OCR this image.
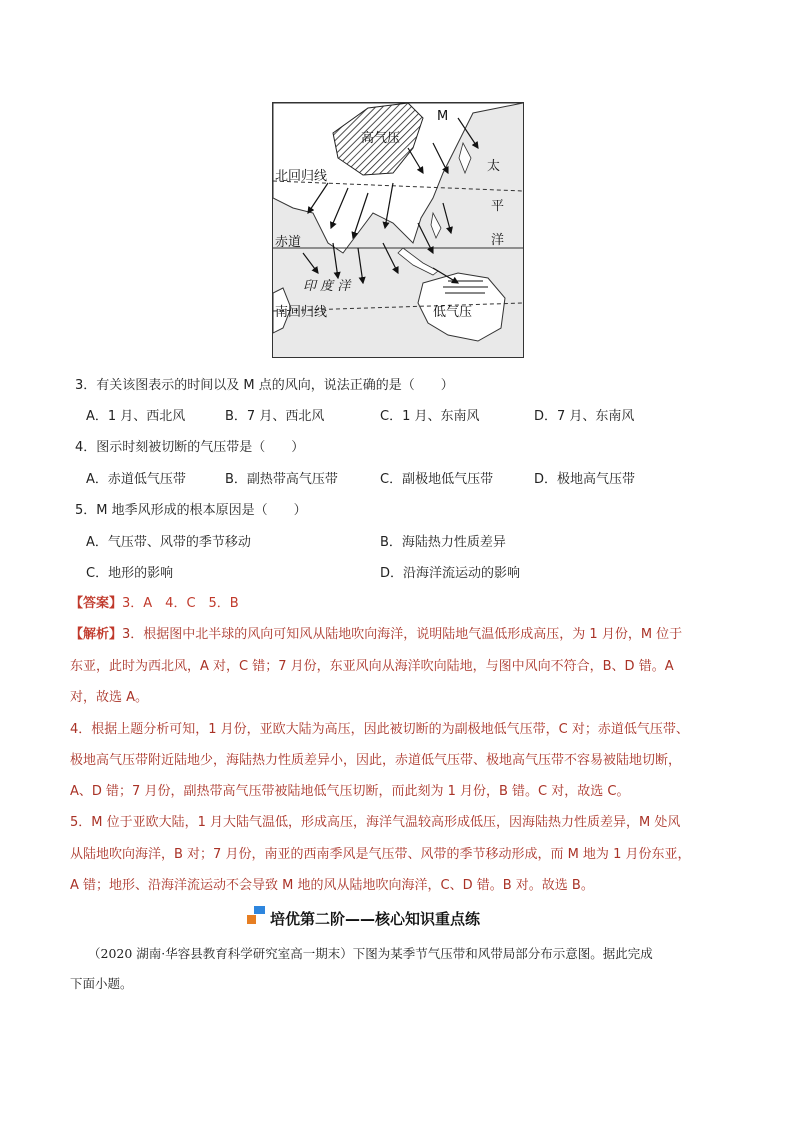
高气压
M
北回归线
赤道
印 度 洋
南回归线	低气压
太
平
洋
3．有关该图表示的时间以及 M 点的风向，说法正确的是（　　）
A．1 月、西北风	B．7 月、西北风	C．1 月、东南风	D．7 月、东南风
4．图示时刻被切断的气压带是（　　）
A．赤道低气压带	B．副热带高气压带	C．副极地低气压带	D．极地高气压带
5．M 地季风形成的根本原因是（　　）
A．气压带、风带的季节移动	B．海陆热力性质差异
C．地形的影响	D．沿海洋流运动的影响
【答案】3．A　4．C　5．B
【解析】3．根据图中北半球的风向可知风从陆地吹向海洋，说明陆地气温低形成高压，为 1 月份，M 位于
东亚，此时为西北风，A 对，C 错；7 月份，东亚风向从海洋吹向陆地，与图中风向不符合，B、D 错。A
对，故选 A。
4．根据上题分析可知，1 月份，亚欧大陆为高压，因此被切断的为副极地低气压带，C 对；赤道低气压带、
极地高气压带附近陆地少，海陆热力性质差异小，因此，赤道低气压带、极地高气压带不容易被陆地切断，
A、D 错；7 月份，副热带高气压带被陆地低气压切断，而此刻为 1 月份，B 错。C 对，故选 C。
5．M 位于亚欧大陆，1 月大陆气温低，形成高压，海洋气温较高形成低压，因海陆热力性质差异，M 处风
从陆地吹向海洋，B 对；7 月份，南亚的西南季风是气压带、风带的季节移动形成，而 M 地为 1 月份东亚，
A 错；地形、沿海洋流运动不会导致 M 地的风从陆地吹向海洋，C、D 错。B 对。故选 B。
培优第二阶——核心知识重点练
（2020 湖南·华容县教育科学研究室高一期末）下图为某季节气压带和风带局部分布示意图。据此完成
下面小题。
